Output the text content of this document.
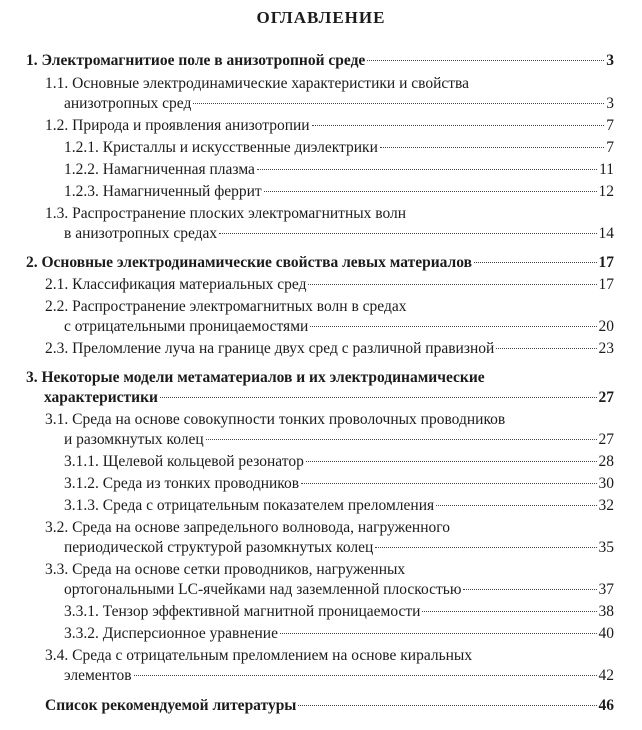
ОГЛАВЛЕНИЕ
1. Электромагнитиое поле в анизотропной среде	3
1.1. Основные электродинамические характеристики и свойства
анизотропных сред	3
1.2. Природа и проявления анизотропии	7
1.2.1. Кристаллы и искусственные диэлектрики	7
1.2.2. Намагниченная плазма	11
1.2.3. Намагниченный феррит	12
1.3. Распространение плоских электромагнитных волн
в анизотропных средах	14
2. Основные электродинамические свойства левых материалов	17
2.1. Классификация материальных сред	17
2.2. Распространение электромагнитных волн в средах
с отрицательными проницаемостями	20
2.3. Преломление луча на границе двух сред с различной правизной	23
3. Некоторые модели метаматериалов и их электродинамические
характеристики	27
3.1. Среда на основе совокупности тонких проволочных проводников
и разомкнутых колец	27
3.1.1. Щелевой кольцевой резонатор	28
3.1.2. Среда из тонких проводников	30
3.1.3. Среда с отрицательным показателем преломления	32
3.2. Среда на основе запредельного волновода, нагруженного
периодической структурой разомкнутых колец	35
3.3. Среда на основе сетки проводников, нагруженных
ортогональными LC-ячейками над заземленной плоскостью	37
3.3.1. Тензор эффективной магнитной проницаемости	38
3.3.2. Дисперсионное уравнение	40
3.4. Среда с отрицательным преломлением на основе киральных
элементов	42
Список рекомендуемой литературы	46
